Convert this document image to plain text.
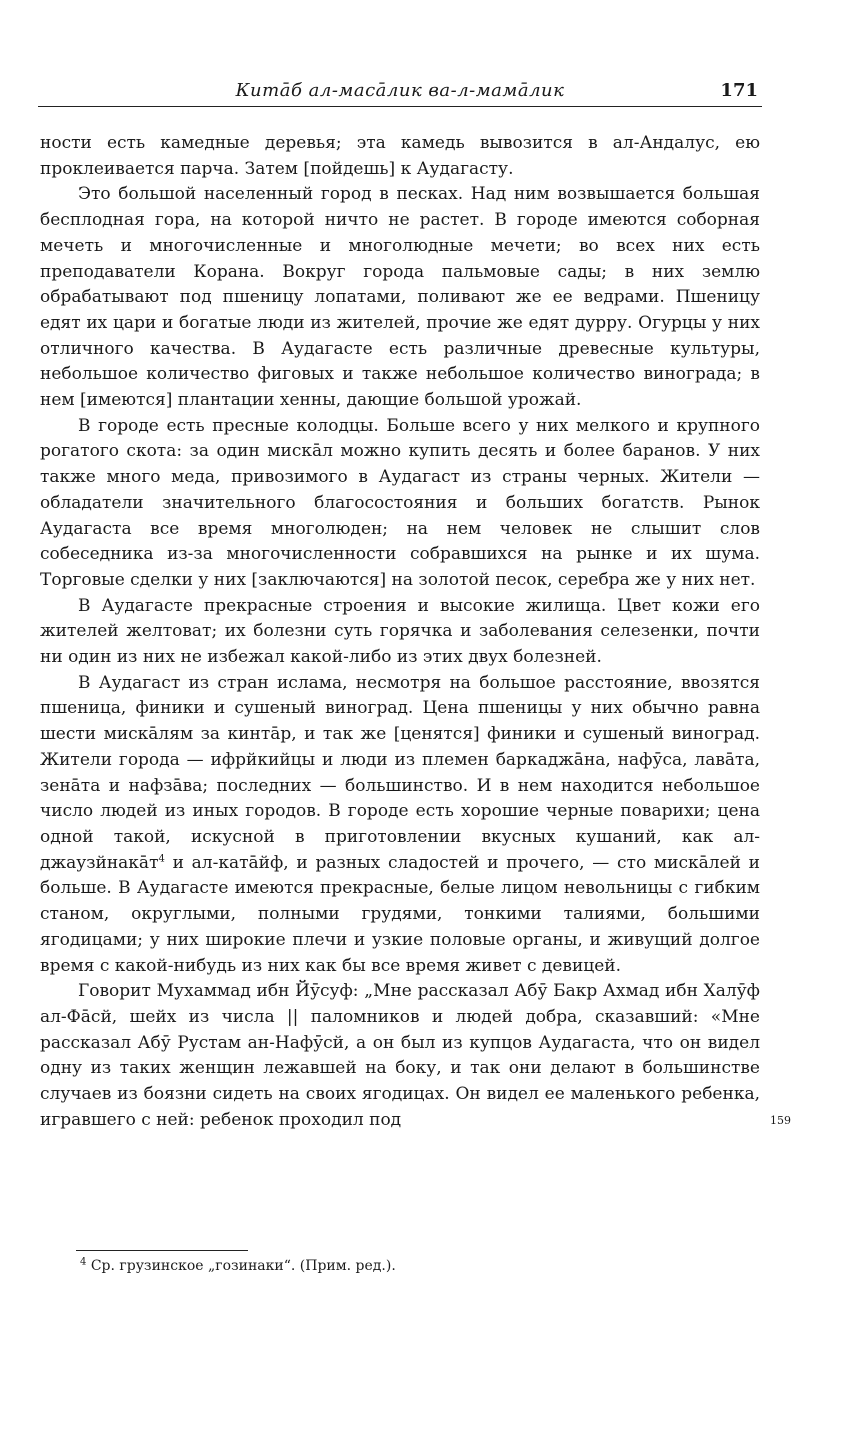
Китāб ал-масāлик ва-л-мамāлик	171

ности есть камедные деревья; эта камедь вывозится в ал-Андалус, ею проклеивается парча. Затем [пойдешь] к Аудагасту.

Это большой населенный город в песках. Над ним возвышается большая бесплодная гора, на которой ничто не растет. В городе имеются соборная мечеть и многочисленные и многолюдные мечети; во всех них есть преподаватели Корана. Вокруг города пальмовые сады; в них землю обрабатывают под пшеницу лопатами, поливают же ее ведрами. Пшеницу едят их цари и богатые люди из жителей, прочие же едят дурру. Огурцы у них отличного качества. В Аудагасте есть различные древесные культуры, небольшое количество фиговых и также небольшое количество винограда; в нем [имеются] плантации хенны, дающие большой урожай.

В городе есть пресные колодцы. Больше всего у них мелкого и крупного рогатого скота: за один мискāл можно купить десять и более баранов. У них также много меда, привозимого в Аудагаст из страны черных. Жители — обладатели значительного благосостояния и больших богатств. Рынок Аудагаста все время многолюден; на нем человек не слышит слов собеседника из-за многочисленности собравшихся на рынке и их шума. Торговые сделки у них [заключаются] на золотой песок, серебра же у них нет.

В Аудагасте прекрасные строения и высокие жилища. Цвет кожи его жителей желтоват; их болезни суть горячка и заболевания селезенки, почти ни один из них не избежал какой-либо из этих двух болезней.

В Аудагаст из стран ислама, несмотря на большое расстояние, ввозятся пшеница, финики и сушеный виноград. Цена пшеницы у них обычно равна шести мискāлям за кинтāр, и так же [ценятся] финики и сушеный виноград. Жители города — ифрйкийцы и люди из племен баркаджāна, нафӯса, лавāта, зенāта и нафзāва; последних — большинство. И в нем находится небольшое число людей из иных городов. В городе есть хорошие черные поварихи; цена одной такой, искусной в приготовлении вкусных кушаний, как ал-джаузйнакāт$^4$ и ал-катāйф, и разных сладостей и прочего, — сто мискāлей и больше. В Аудагасте имеются прекрасные, белые лицом невольницы с гибким станом, округлыми, полными грудями, тонкими талиями, большими ягодицами; у них широкие плечи и узкие половые органы, и живущий долгое время с какой-нибудь из них как бы все время живет с девицей.

Говорит Мухаммад ибн Йӯсуф: „Мне рассказал Абӯ Бакр Ахмад ибн Халӯф ал-Фāсй, шейх из числа || паломников и людей добра, сказавший: «Мне рассказал Абӯ Рустам ан-Нафӯсй, а он был из купцов Аудагаста, что он видел одну из таких женщин лежавшей на боку, и так они делают в большинстве случаев из боязни сидеть на своих ягодицах. Он видел ее маленького ребенка, игравшего с ней: ребенок проходил под	159
$^4$ Ср. грузинское „гозинаки“. (Прим. ред.).
